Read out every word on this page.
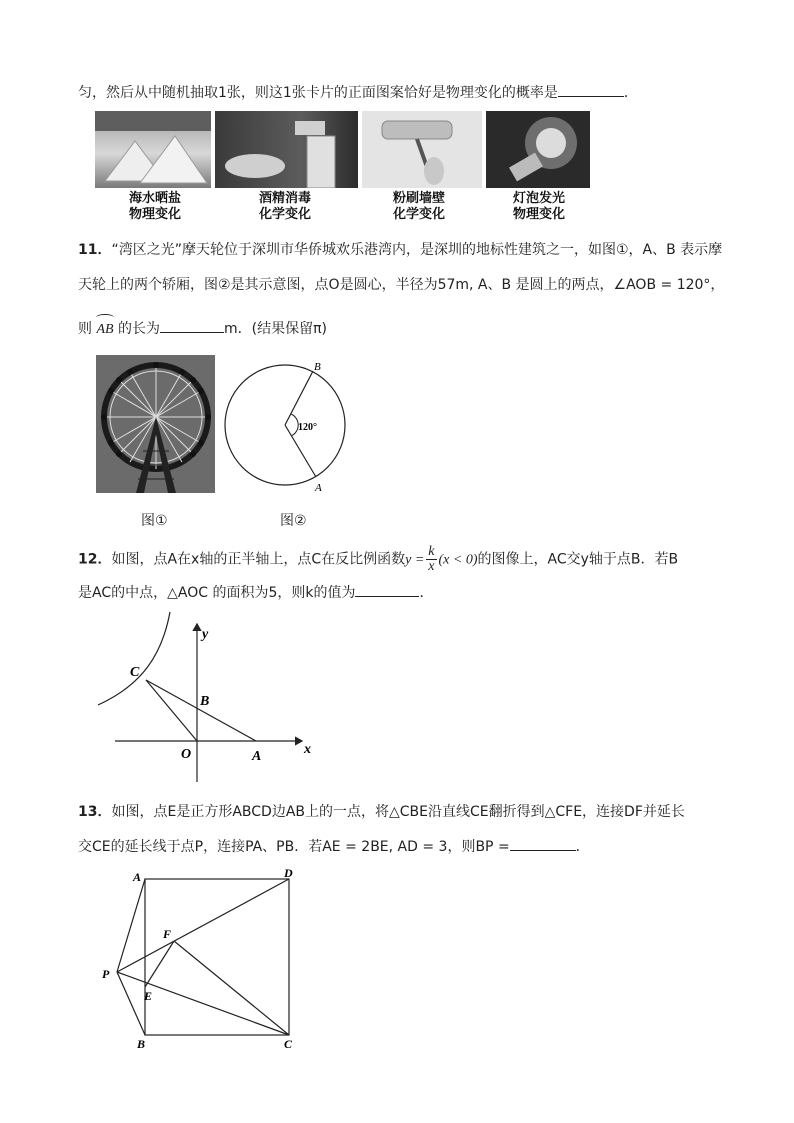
匀，然后从中随机抽取1张，则这1张卡片的正面图案恰好是物理变化的概率是	．
海水晒盐
物理变化
酒精消毒
化学变化
粉刷墙壁
化学变化
灯泡发光
物理变化
11．“湾区之光”摩天轮位于深圳市华侨城欢乐港湾内，是深圳的地标性建筑之一，如图①，A、B 表示摩
天轮上的两个轿厢，图②是其示意图，点O是圆心，半径为57m, A、B 是圆上的两点，∠AOB = 120°，
则
AB 的长为	m．(结果保留π)
图①
120°
B
A
图②
12．如图，点A在x轴的正半轴上，点C在反比例函数$y = \frac{k}{x} (x < 0)$的图像上，AC交y轴于点B．若B
是AC的中点，△AOC 的面积为5，则k的值为	．
C
B
O	A	x
y
13．如图，点E是正方形ABCD边AB上的一点，将△CBE沿直线CE翻折得到△CFE，连接DF并延长
交CE的延长线于点P，连接PA、PB．若AE = 2BE, AD = 3，则BP =	．
A	D
F
P
E
B	C
